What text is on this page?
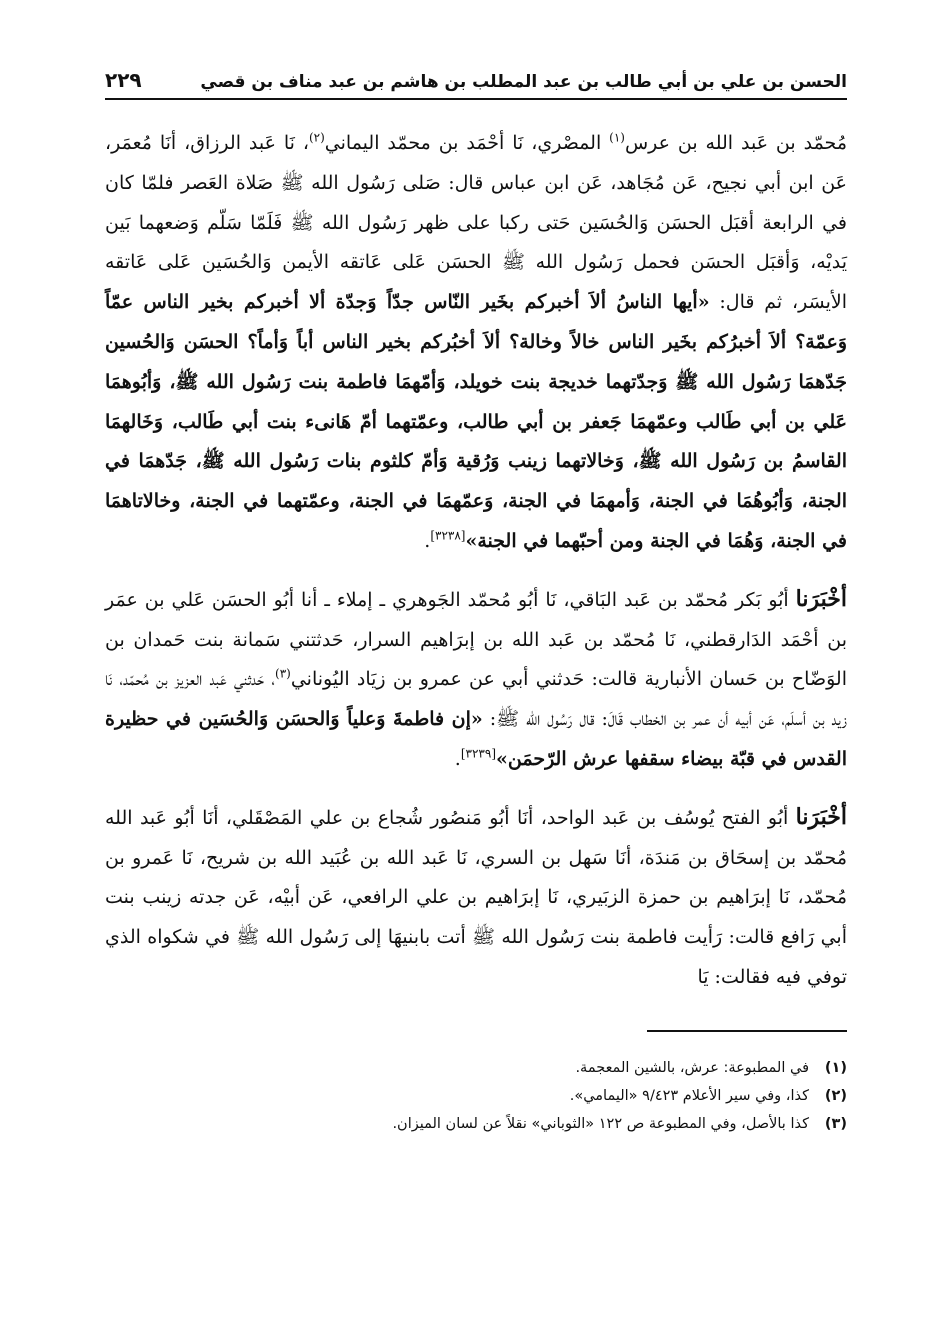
الحسن بن علي بن أبي طالب بن عبد المطلب بن هاشم بن عبد مناف بن قصي
٢٢٩

مُحمّد بن عَبد الله بن عرس$^{(١)}$ المصْري، نَا أحْمَد بن محمّد اليماني$^{(٢)}$، نَا عَبد الرزاق، أنَا مُعمَر، عَن ابن أبي نجيح، عَن مُجَاهد، عَن ابن عباس قال: صَلى رَسُول الله ﷺ صَلاة العَصر فلمّا كان في الرابعة أقبَل الحسَن وَالحُسَين حَتى ركبا على ظهر رَسُول الله ﷺ فَلَمّا سَلّم وَضعهما بَين يَديْه، وَأقبَل الحسَن فحمل رَسُول الله ﷺ الحسَن عَلى عَاتقه الأيمن وَالحُسَين عَلى عَاتقه الأيسَر، ثم قال: «أيها الناسُ ألاَ أخبركم بخَير النّاس جدّاً وَجدّة ألا أخبركم بخير الناس عمّاً وَعمّة؟ ألاَ أخبرُكم بخَير الناس خالاً وخالة؟ ألاَ أخبُركم بخير الناس أباً وَأماً؟ الحسَن وَالحُسين جَدّهمَا رَسُول الله ﷺ وَجدّتهما خديجة بنت خويلد، وَأمّهمَا فاطمة بنت رَسُول الله ﷺ، وَأبُوهمَا عَلي بن أبي طَالب وعمّهمَا جَعفر بن أبي طالب، وعمّتهما أمّ هَانىء بنت أبي طَالب، وَخَالهمَا القاسمُ بن رَسُول الله ﷺ، وَخالاتهما زينب وَرُقية وَأمّ كلثوم بنات رَسُول الله ﷺ، جَدّهمَا في الجنة، وَأبُوهُمَا في الجنة، وَأمهمَا في الجنة، وَعمّهمَا في الجنة، وعمّتهما في الجنة، وخالاتاهمَا في الجنة، وَهُمَا في الجنة ومن أحبّهما في الجنة»[٣٢٣٨].

أخْبَرَنا أبُو بَكر مُحمّد بن عَبد البَاقي، نَا أبُو مُحمّد الجَوهري ـ إملاء ـ أنا أبُو الحسَن عَلي بن عمَر بن أحْمَد الدَارقطني، نَا مُحمّد بن عَبد الله بن إبرَاهيم السرار، حَدثتني سَمانة بنت حَمدان بن الوَضّاح بن حَسان الأنبارية قالت: حَدثني أبي عن عمرو بن زيَاد اليُوناني$^{(٣)}$، حَدثني عَبد العزيز بن مُحمّد، نَا زيد بن أسلَم، عَن أبيه أن عمر بن الخطاب قَالَ: قال رَسُول الله ﷺ: «إن فاطمةَ وَعلياً وَالحسَن وَالحُسَين في حظيرة القدس في قبّة بيضاء سقفها عرش الرّحمَن»[٣٢٣٩].

أخْبَرَنا أبُو الفتح يُوسُف بن عَبد الواحد، أنَا أبُو مَنصُور شُجاع بن علي المَصْقَلي، أنَا أبُو عَبد الله مُحمّد بن إسحَاق بن مَندَة، أنَا سَهل بن السري، نَا عَبد الله بن عُبَيد الله بن شريح، نَا عَمرو بن مُحمّد، نَا إبرَاهيم بن حمزة الزبَيري، نَا إبرَاهيم بن علي الرافعي، عَن أبيْه، عَن جدته زينب بنت أبي رَافع قالت: رَأيت فاطمة بنت رَسُول الله ﷺ أتت بابنيهَا إلى رَسُول الله ﷺ في شكواه الذي توفي فيه فقالت: يَا

(١)
في المطبوعة: عرش، بالشين المعجمة.
(٢)
كذا، وفي سير الأعلام ٩/٤٢٣ «اليمامي».
(٣)
كذا بالأصل، وفي المطبوعة ص ١٢٢ «الثوباني» نقلاً عن لسان الميزان.
